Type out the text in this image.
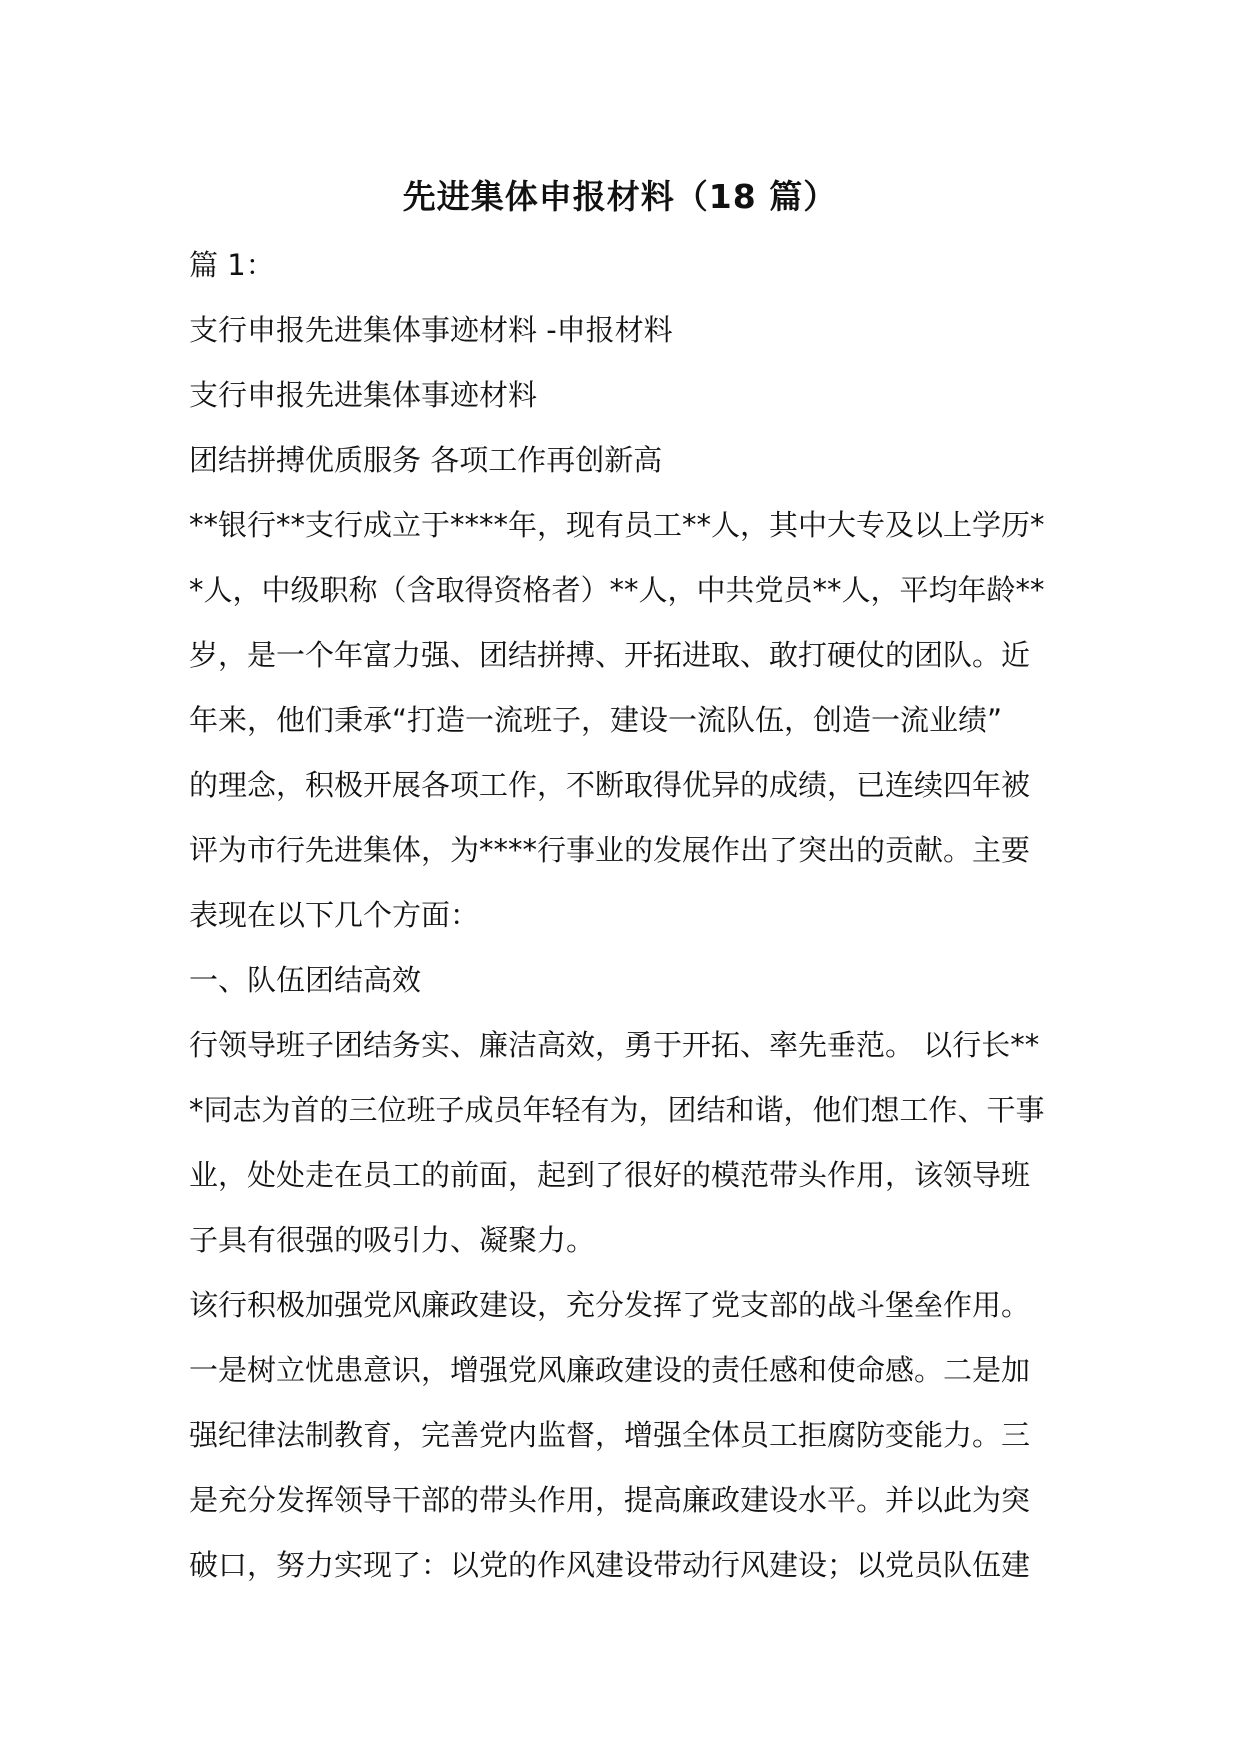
先进集体申报材料（18 篇）
篇 1：
支行申报先进集体事迹材料 -申报材料
支行申报先进集体事迹材料
团结拼搏优质服务 各项工作再创新高
**银行**支行成立于****年，现有员工**人，其中大专及以上学历*
*人，中级职称（含取得资格者）**人，中共党员**人，平均年龄**
岁，是一个年富力强、团结拼搏、开拓进取、敢打硬仗的团队。近
年来，他们秉承“打造一流班子，建设一流队伍，创造一流业绩”
的理念，积极开展各项工作，不断取得优异的成绩，已连续四年被
评为市行先进集体，为****行事业的发展作出了突出的贡献。主要
表现在以下几个方面：
一、队伍团结高效
行领导班子团结务实、廉洁高效，勇于开拓、率先垂范。 以行长**
*同志为首的三位班子成员年轻有为，团结和谐，他们想工作、干事
业，处处走在员工的前面，起到了很好的模范带头作用，该领导班
子具有很强的吸引力、凝聚力。
该行积极加强党风廉政建设，充分发挥了党支部的战斗堡垒作用。
一是树立忧患意识，增强党风廉政建设的责任感和使命感。二是加
强纪律法制教育，完善党内监督，增强全体员工拒腐防变能力。三
是充分发挥领导干部的带头作用，提高廉政建设水平。并以此为突
破口，努力实现了：以党的作风建设带动行风建设；以党员队伍建
